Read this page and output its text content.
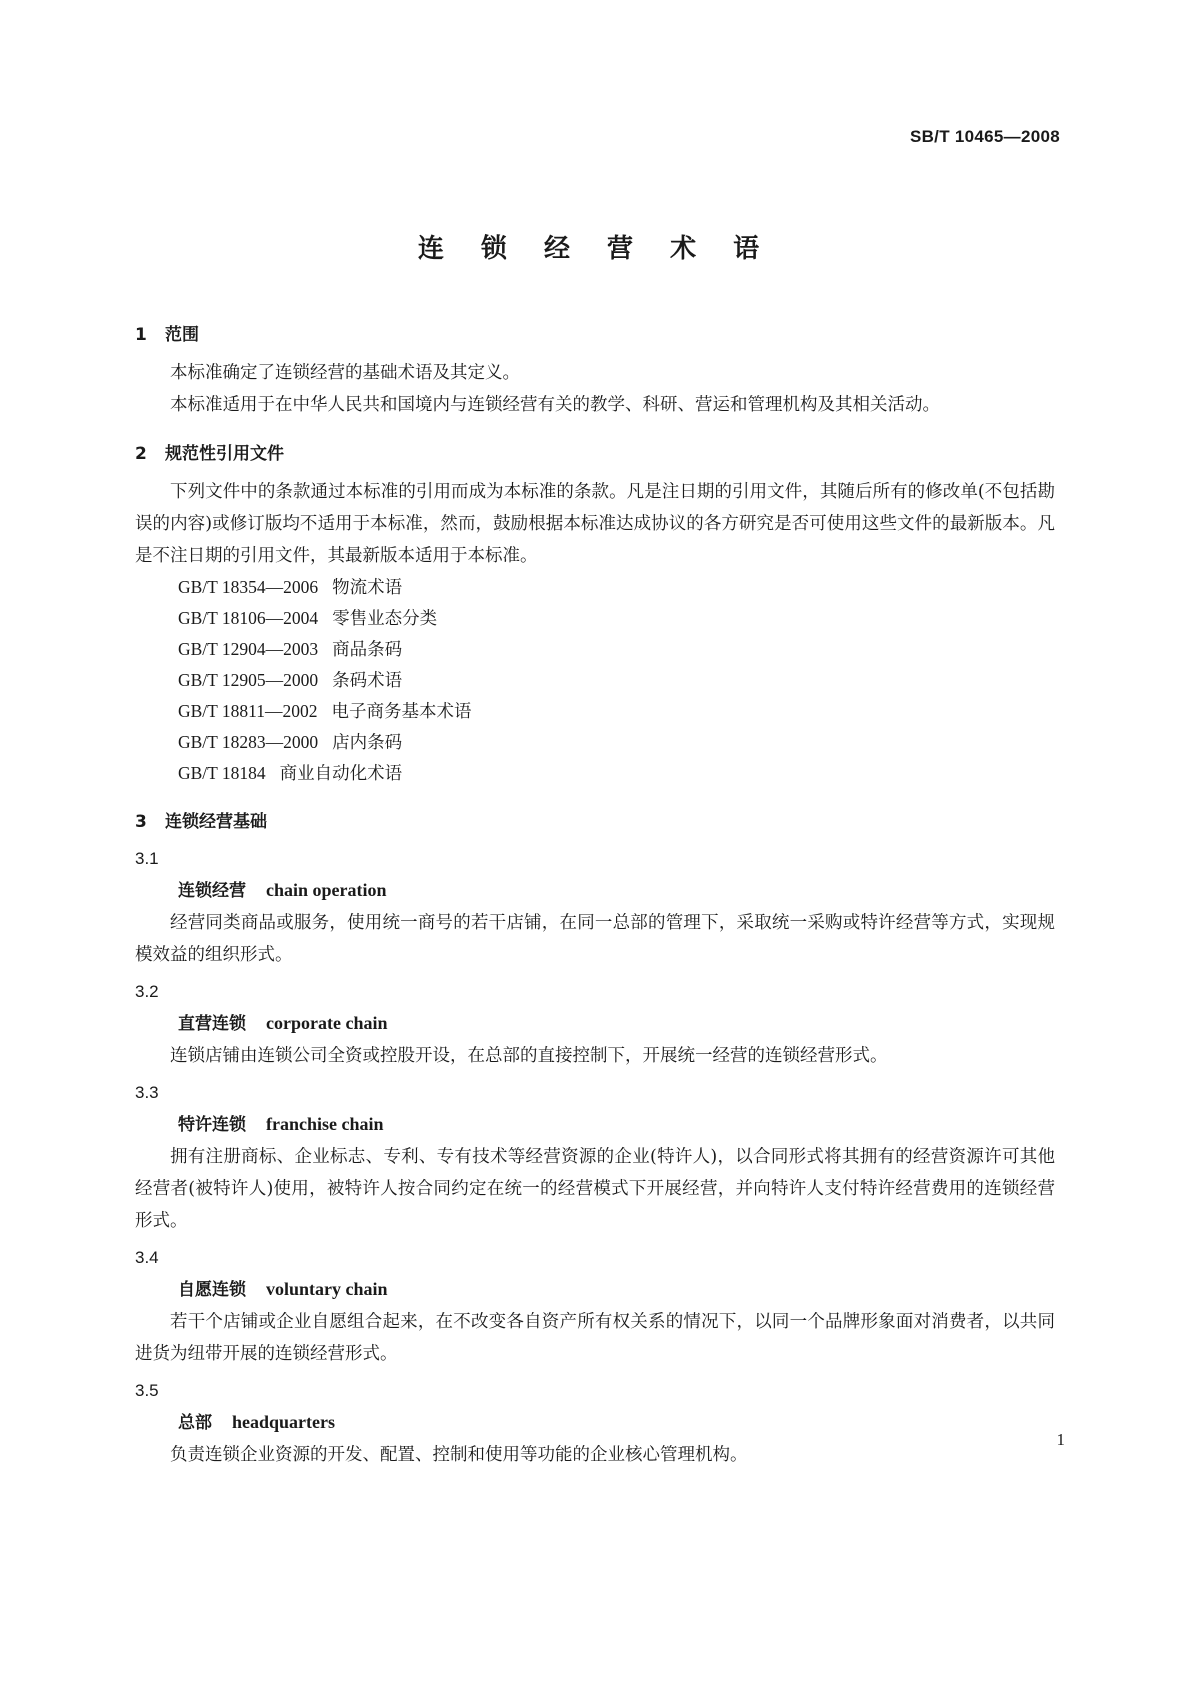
SB/T 10465—2008
连 锁 经 营 术 语
1 范围

本标准确定了连锁经营的基础术语及其定义。

本标准适用于在中华人民共和国境内与连锁经营有关的教学、科研、营运和管理机构及其相关活动。

2 规范性引用文件

下列文件中的条款通过本标准的引用而成为本标准的条款。凡是注日期的引用文件，其随后所有的修改单(不包括勘误的内容)或修订版均不适用于本标准，然而，鼓励根据本标准达成协议的各方研究是否可使用这些文件的最新版本。凡是不注日期的引用文件，其最新版本适用于本标准。

GB/T 18354—2006 物流术语
GB/T 18106—2004 零售业态分类
GB/T 12904—2003 商品条码
GB/T 12905—2000 条码术语
GB/T 18811—2002 电子商务基本术语
GB/T 18283—2000 店内条码
GB/T 18184 商业自动化术语
3 连锁经营基础
3.1
连锁经营 chain operation

经营同类商品或服务，使用统一商号的若干店铺，在同一总部的管理下，采取统一采购或特许经营等方式，实现规模效益的组织形式。

3.2
直营连锁 corporate chain

连锁店铺由连锁公司全资或控股开设，在总部的直接控制下，开展统一经营的连锁经营形式。

3.3
特许连锁 franchise chain

拥有注册商标、企业标志、专利、专有技术等经营资源的企业(特许人)，以合同形式将其拥有的经营资源许可其他经营者(被特许人)使用，被特许人按合同约定在统一的经营模式下开展经营，并向特许人支付特许经营费用的连锁经营形式。

3.4
自愿连锁 voluntary chain

若干个店铺或企业自愿组合起来，在不改变各自资产所有权关系的情况下，以同一个品牌形象面对消费者，以共同进货为纽带开展的连锁经营形式。

3.5
总部 headquarters

负责连锁企业资源的开发、配置、控制和使用等功能的企业核心管理机构。

1
